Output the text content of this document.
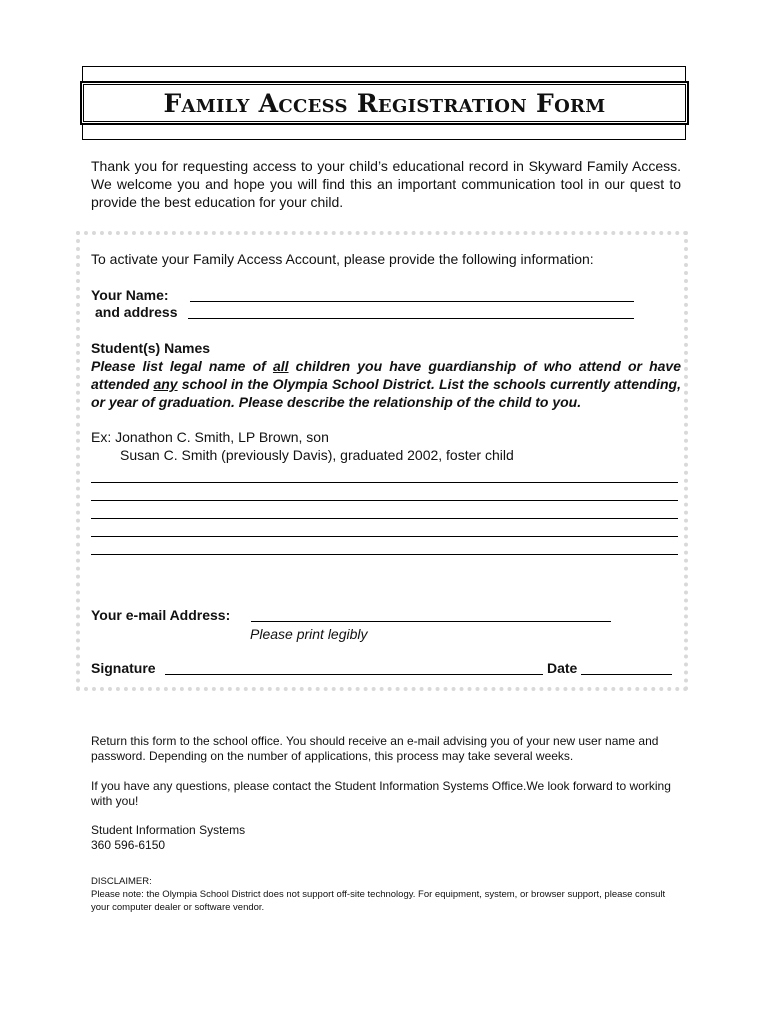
Family Access Registration Form
Thank you for requesting access to your child’s educational record in Skyward Family Access. We welcome you and hope you will find this an important communication tool in our quest to provide the best education for your child.
To activate your Family Access Account, please provide the following information:
Your Name:
and address
Student(s) Names
Please list legal name of all children you have guardianship of who attend or have attended any school in the Olympia School District. List the schools currently attending, or year of graduation. Please describe the relationship of the child to you.
Ex: Jonathon C. Smith, LP Brown, son
Susan C. Smith (previously Davis), graduated 2002, foster child
Your e-mail Address:
Please print legibly
Signature	Date
Return this form to the school office. You should receive an e-mail advising you of your new user name and password. Depending on the number of applications, this process may take several weeks.
If you have any questions, please contact the Student Information Systems Office.We look forward to working with you!
Student Information Systems
360 596-6150
DISCLAIMER:
Please note: the Olympia School District does not support off-site technology. For equipment, system, or browser support, please consult your computer dealer or software vendor.
